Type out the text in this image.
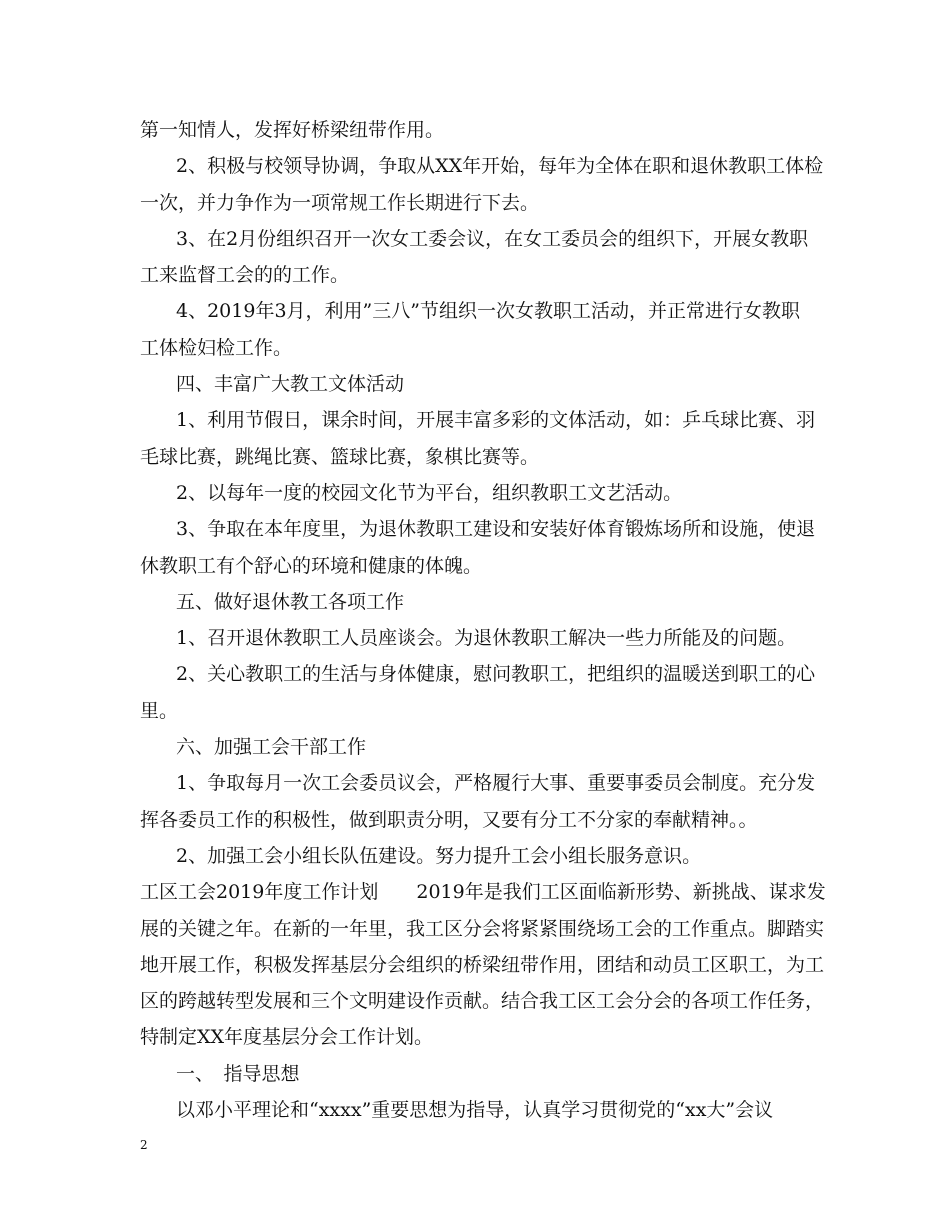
第一知情人，发挥好桥梁纽带作用。
2、积极与校领导协调，争取从XX年开始，每年为全体在职和退休教职工体检
一次，并力争作为一项常规工作长期进行下去。
3、在2月份组织召开一次女工委会议，在女工委员会的组织下，开展女教职
工来监督工会的的工作。
4、2019年3月，利用”三八”节组织一次女教职工活动，并正常进行女教职
工体检妇检工作。
四、丰富广大教工文体活动
1、利用节假日，课余时间，开展丰富多彩的文体活动，如：乒乓球比赛、羽
毛球比赛，跳绳比赛、篮球比赛，象棋比赛等。
2、以每年一度的校园文化节为平台，组织教职工文艺活动。
3、争取在本年度里，为退休教职工建设和安装好体育锻炼场所和设施，使退
休教职工有个舒心的环境和健康的体魄。
五、做好退休教工各项工作
1、召开退休教职工人员座谈会。为退休教职工解决一些力所能及的问题。
2、关心教职工的生活与身体健康，慰问教职工，把组织的温暖送到职工的心
里。
六、加强工会干部工作
1、争取每月一次工会委员议会，严格履行大事、重要事委员会制度。充分发
挥各委员工作的积极性，做到职责分明，又要有分工不分家的奉献精神。。
2、加强工会小组长队伍建设。努力提升工会小组长服务意识。
工区工会2019年度工作计划　　2019年是我们工区面临新形势、新挑战、谋求发
展的关键之年。在新的一年里，我工区分会将紧紧围绕场工会的工作重点。脚踏实
地开展工作，积极发挥基层分会组织的桥梁纽带作用，团结和动员工区职工，为工
区的跨越转型发展和三个文明建设作贡献。结合我工区工会分会的各项工作任务，
特制定XX年度基层分会工作计划。
一、　指导思想
以邓小平理论和“xxxx”重要思想为指导，认真学习贯彻党的“xx大”会议
2
